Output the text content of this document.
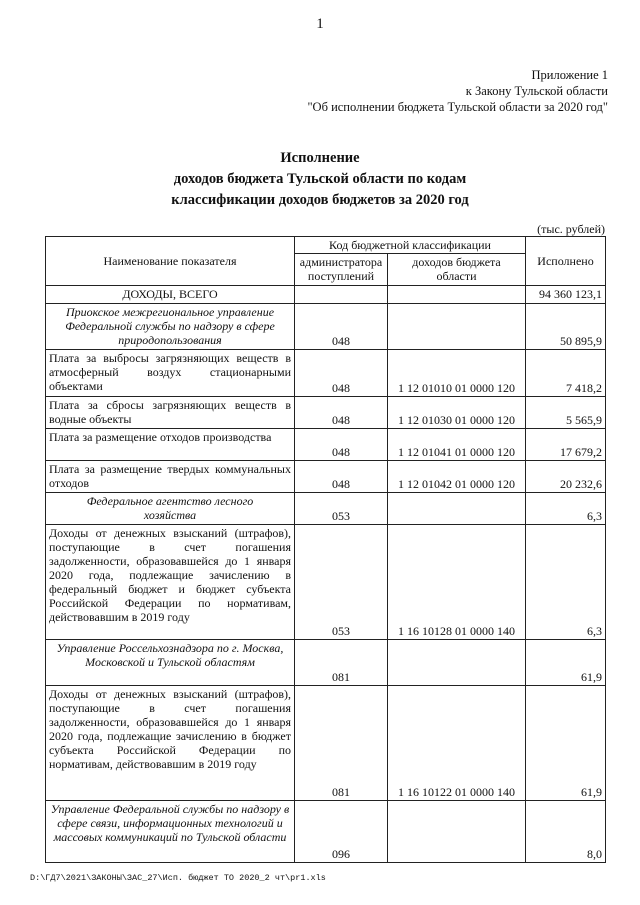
1
Приложение 1
к Закону Тульской области
"Об исполнении бюджета Тульской области за 2020 год"
Исполнение
доходов бюджета Тульской области по кодам
классификации доходов бюджетов за 2020 год
(тыс. рублей)
Наименование показателя	Код бюджетной классификации		Исполнено
	администратора поступлений	доходов бюджета области	
ДОХОДЫ, ВСЕГО			94 360 123,1
Приокское межрегиональное управление Федеральной службы по надзору в сфере природопользования	048		50 895,9
Плата за выбросы загрязняющих веществ в атмосферный воздух стационарными объектами	048	1 12 01010 01 0000 120	7 418,2
Плата за сбросы загрязняющих веществ в водные объекты	048	1 12 01030 01 0000 120	5 565,9
Плата за размещение отходов производства	048	1 12 01041 01 0000 120	17 679,2
Плата за размещение твердых коммунальных отходов	048	1 12 01042 01 0000 120	20 232,6
Федеральное агентство лесного хозяйства	053		6,3
Доходы от денежных взысканий (штрафов), поступающие в счет погашения задолженности, образовавшейся до 1 января 2020 года, подлежащие зачислению в федеральный бюджет и бюджет субъекта Российской Федерации по нормативам, действовавшим в 2019 году	053	1 16 10128 01 0000 140	6,3
Управление Россельхознадзора по г. Москва, Московской и Тульской областям	081		61,9
Доходы от денежных взысканий (штрафов), поступающие в счет погашения задолженности, образовавшейся до 1 января 2020 года, подлежащие зачислению в бюджет субъекта Российской Федерации по нормативам, действовавшим в 2019 году	081	1 16 10122 01 0000 140	61,9
Управление Федеральной службы по надзору в сфере связи, информационных технологий и массовых коммуникаций по Тульской области	096		8,0
D:\ГД7\2021\ЗАКОНЫ\ЗАС_27\Исп. бюджет ТО 2020_2 чт\pr1.xls
